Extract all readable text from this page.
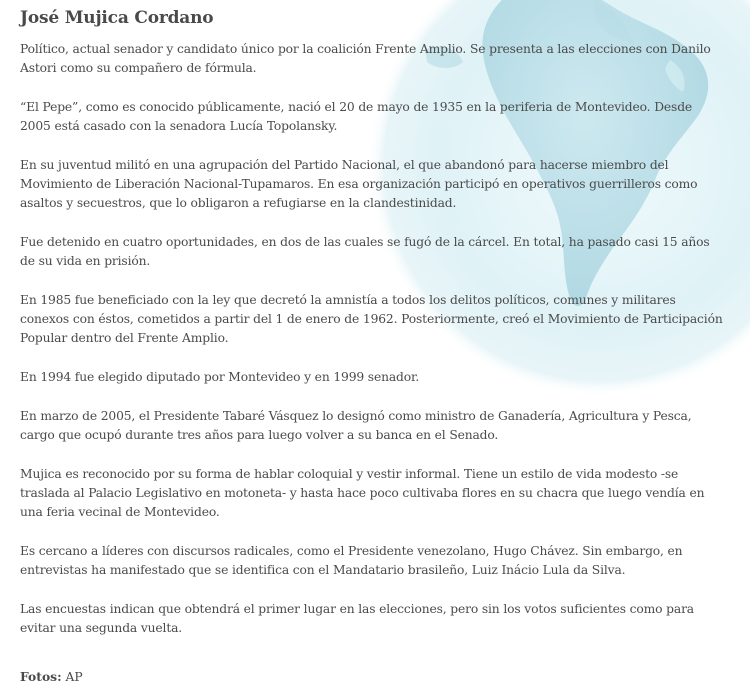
José Mujica Cordano

Político, actual senador y candidato único por la coalición Frente Amplio. Se presenta a las elecciones con Danilo Astori como su compañero de fórmula.

“El Pepe”, como es conocido públicamente, nació el 20 de mayo de 1935 en la periferia de Montevideo. Desde 2005 está casado con la senadora Lucía Topolansky.

En su juventud militó en una agrupación del Partido Nacional, el que abandonó para hacerse miembro del Movimiento de Liberación Nacional-Tupamaros. En esa organización participó en operativos guerrilleros como asaltos y secuestros, que lo obligaron a refugiarse en la clandestinidad.

Fue detenido en cuatro oportunidades, en dos de las cuales se fugó de la cárcel. En total, ha pasado casi 15 años de su vida en prisión.

En 1985 fue beneficiado con la ley que decretó la amnistía a todos los delitos políticos, comunes y militares conexos con éstos, cometidos a partir del 1 de enero de 1962. Posteriormente, creó el Movimiento de Participación Popular dentro del Frente Amplio.

En 1994 fue elegido diputado por Montevideo y en 1999 senador.

En marzo de 2005, el Presidente Tabaré Vásquez lo designó como ministro de Ganadería, Agricultura y Pesca, cargo que ocupó durante tres años para luego volver a su banca en el Senado.

Mujica es reconocido por su forma de hablar coloquial y vestir informal. Tiene un estilo de vida modesto -se traslada al Palacio Legislativo en motoneta- y hasta hace poco cultivaba flores en su chacra que luego vendía en una feria vecinal de Montevideo.

Es cercano a líderes con discursos radicales, como el Presidente venezolano, Hugo Chávez. Sin embargo, en entrevistas ha manifestado que se identifica con el Mandatario brasileño, Luiz Inácio Lula da Silva.

Las encuestas indican que obtendrá el primer lugar en las elecciones, pero sin los votos suficientes como para evitar una segunda vuelta.

Fotos: AP
